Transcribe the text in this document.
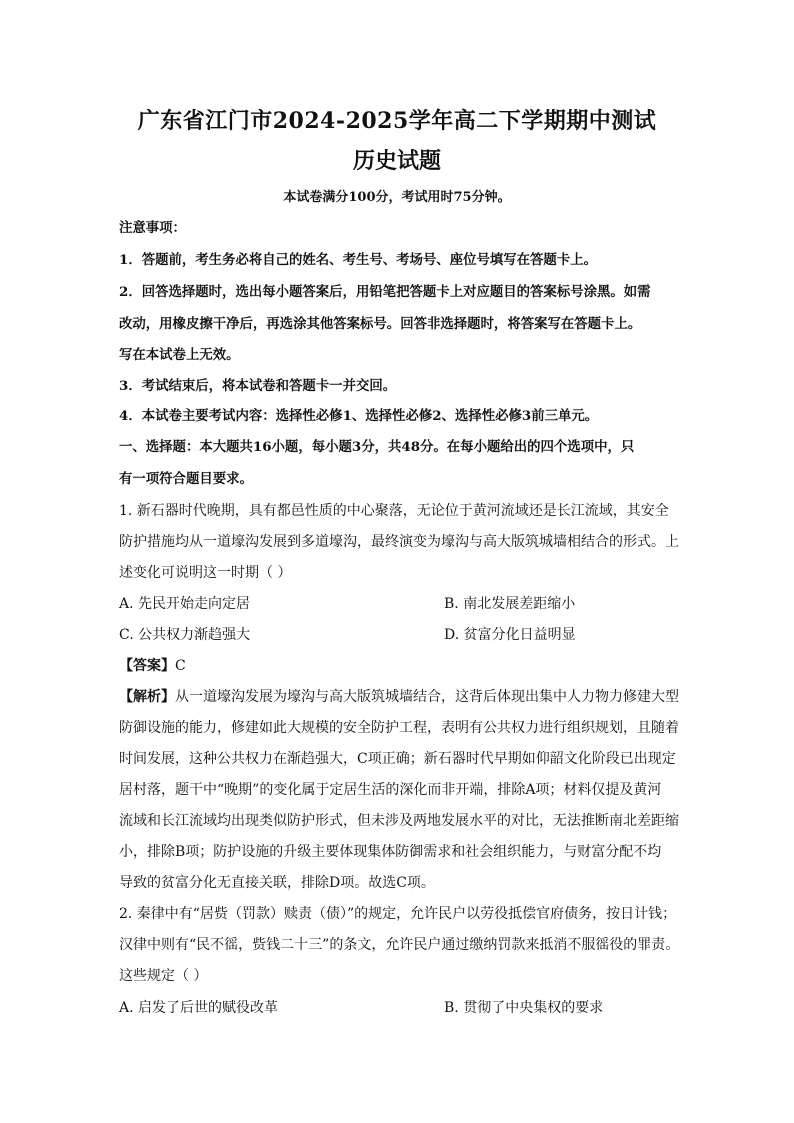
广东省江门市2024-2025学年高二下学期期中测试
历史试题
本试卷满分100分，考试用时75分钟。
注意事项：
1．答题前，考生务必将自己的姓名、考生号、考场号、座位号填写在答题卡上。
2．回答选择题时，选出每小题答案后，用铅笔把答题卡上对应题目的答案标号涂黑。如需
改动，用橡皮擦干净后，再选涂其他答案标号。回答非选择题时，将答案写在答题卡上。
写在本试卷上无效。
3．考试结束后，将本试卷和答题卡一并交回。
4．本试卷主要考试内容：选择性必修1、选择性必修2、选择性必修3前三单元。
一、选择题：本大题共16小题，每小题3分，共48分。在每小题给出的四个选项中，只
有一项符合题目要求。
1. 新石器时代晚期，具有都邑性质的中心聚落，无论位于黄河流域还是长江流域，其安全
防护措施均从一道壕沟发展到多道壕沟，最终演变为壕沟与高大版筑城墙相结合的形式。上
述变化可说明这一时期（ ）
A. 先民开始走向定居	B. 南北发展差距缩小
C. 公共权力渐趋强大	D. 贫富分化日益明显
【答案】C
【解析】从一道壕沟发展为壕沟与高大版筑城墙结合，这背后体现出集中人力物力修建大型
防御设施的能力，修建如此大规模的安全防护工程，表明有公共权力进行组织规划，且随着
时间发展，这种公共权力在渐趋强大，C项正确；新石器时代早期如仰韶文化阶段已出现定
居村落，题干中“晚期”的变化属于定居生活的深化而非开端，排除A项；材料仅提及黄河
流域和长江流域均出现类似防护形式，但未涉及两地发展水平的对比，无法推断南北差距缩
小，排除B项；防护设施的升级主要体现集体防御需求和社会组织能力，与财富分配不均
导致的贫富分化无直接关联，排除D项。故选C项。
2. 秦律中有“居赀（罚款）赎责（债）”的规定，允许民户以劳役抵偿官府债务，按日计钱；
汉律中则有“民不徭，赀钱二十三”的条文，允许民户通过缴纳罚款来抵消不服徭役的罪责。
这些规定（ ）
A. 启发了后世的赋役改革	B. 贯彻了中央集权的要求
